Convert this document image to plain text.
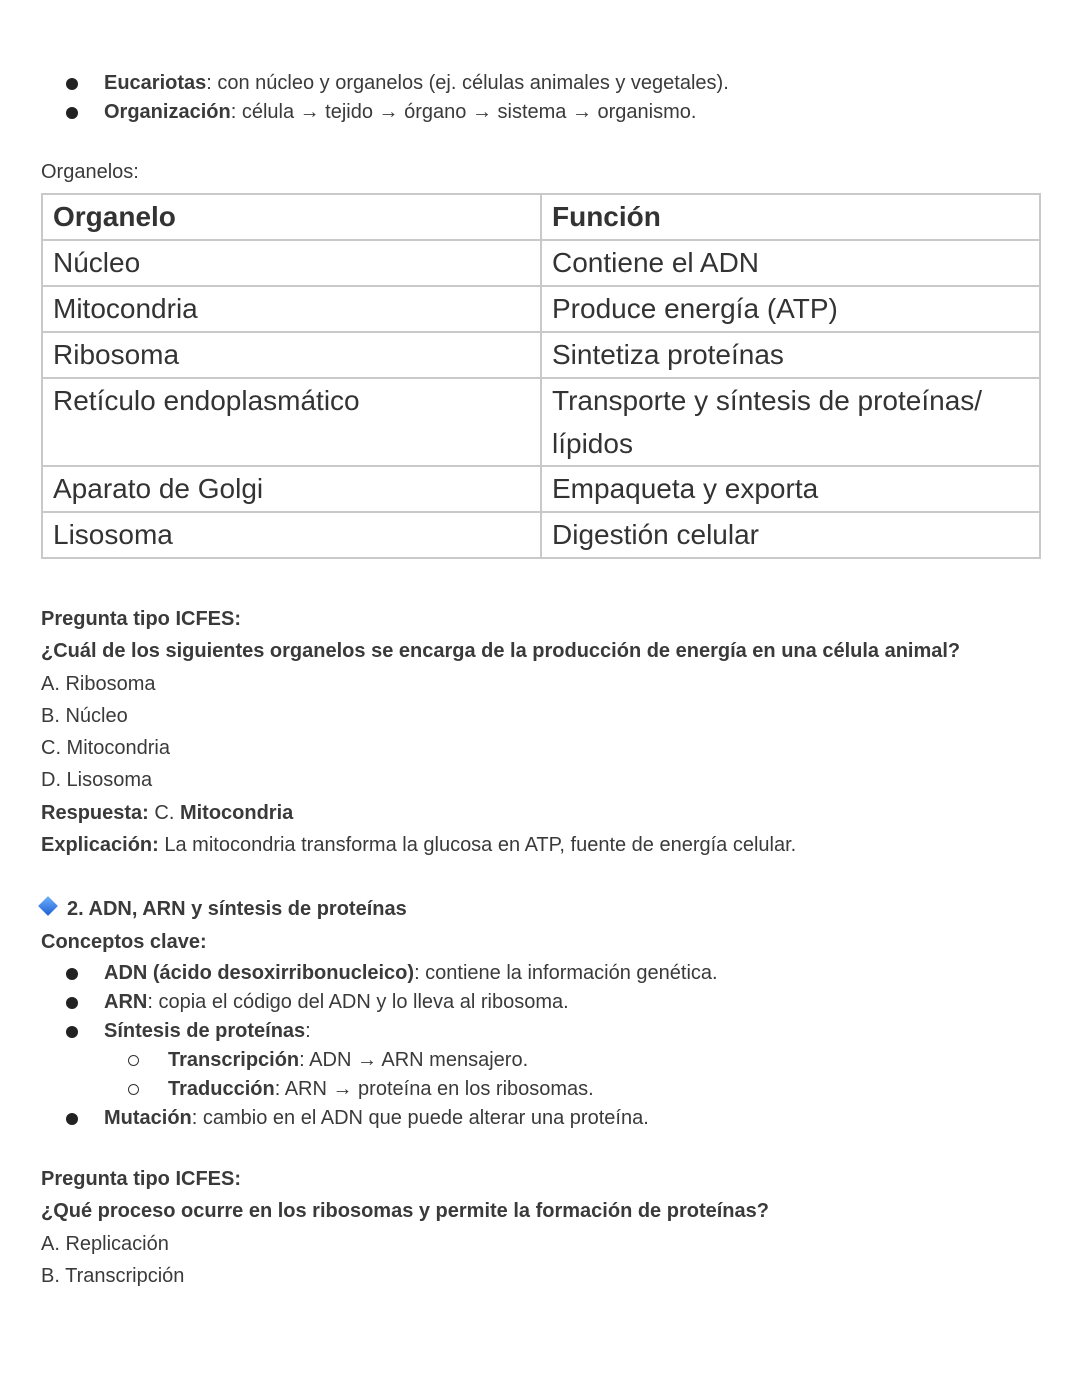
Eucariotas: con núcleo y organelos (ej. células animales y vegetales).
Organización: célula → tejido → órgano → sistema → organismo.
Organelos:
Organelo	Función
Núcleo	Contiene el ADN
Mitocondria	Produce energía (ATP)
Ribosoma	Sintetiza proteínas
Retículo endoplasmático	Transporte y síntesis de proteínas/ lípidos
Aparato de Golgi	Empaqueta y exporta
Lisosoma	Digestión celular
Pregunta tipo ICFES:
¿Cuál de los siguientes organelos se encarga de la producción de energía en una célula animal?
A. Ribosoma
B. Núcleo
C. Mitocondria
D. Lisosoma
Respuesta: C. Mitocondria
Explicación: La mitocondria transforma la glucosa en ATP, fuente de energía celular.
2. ADN, ARN y síntesis de proteínas
Conceptos clave:
ADN (ácido desoxirribonucleico): contiene la información genética.
ARN: copia el código del ADN y lo lleva al ribosoma.
Síntesis de proteínas:
Transcripción: ADN → ARN mensajero.
Traducción: ARN → proteína en los ribosomas.
Mutación: cambio en el ADN que puede alterar una proteína.
Pregunta tipo ICFES:
¿Qué proceso ocurre en los ribosomas y permite la formación de proteínas?
A. Replicación
B. Transcripción
